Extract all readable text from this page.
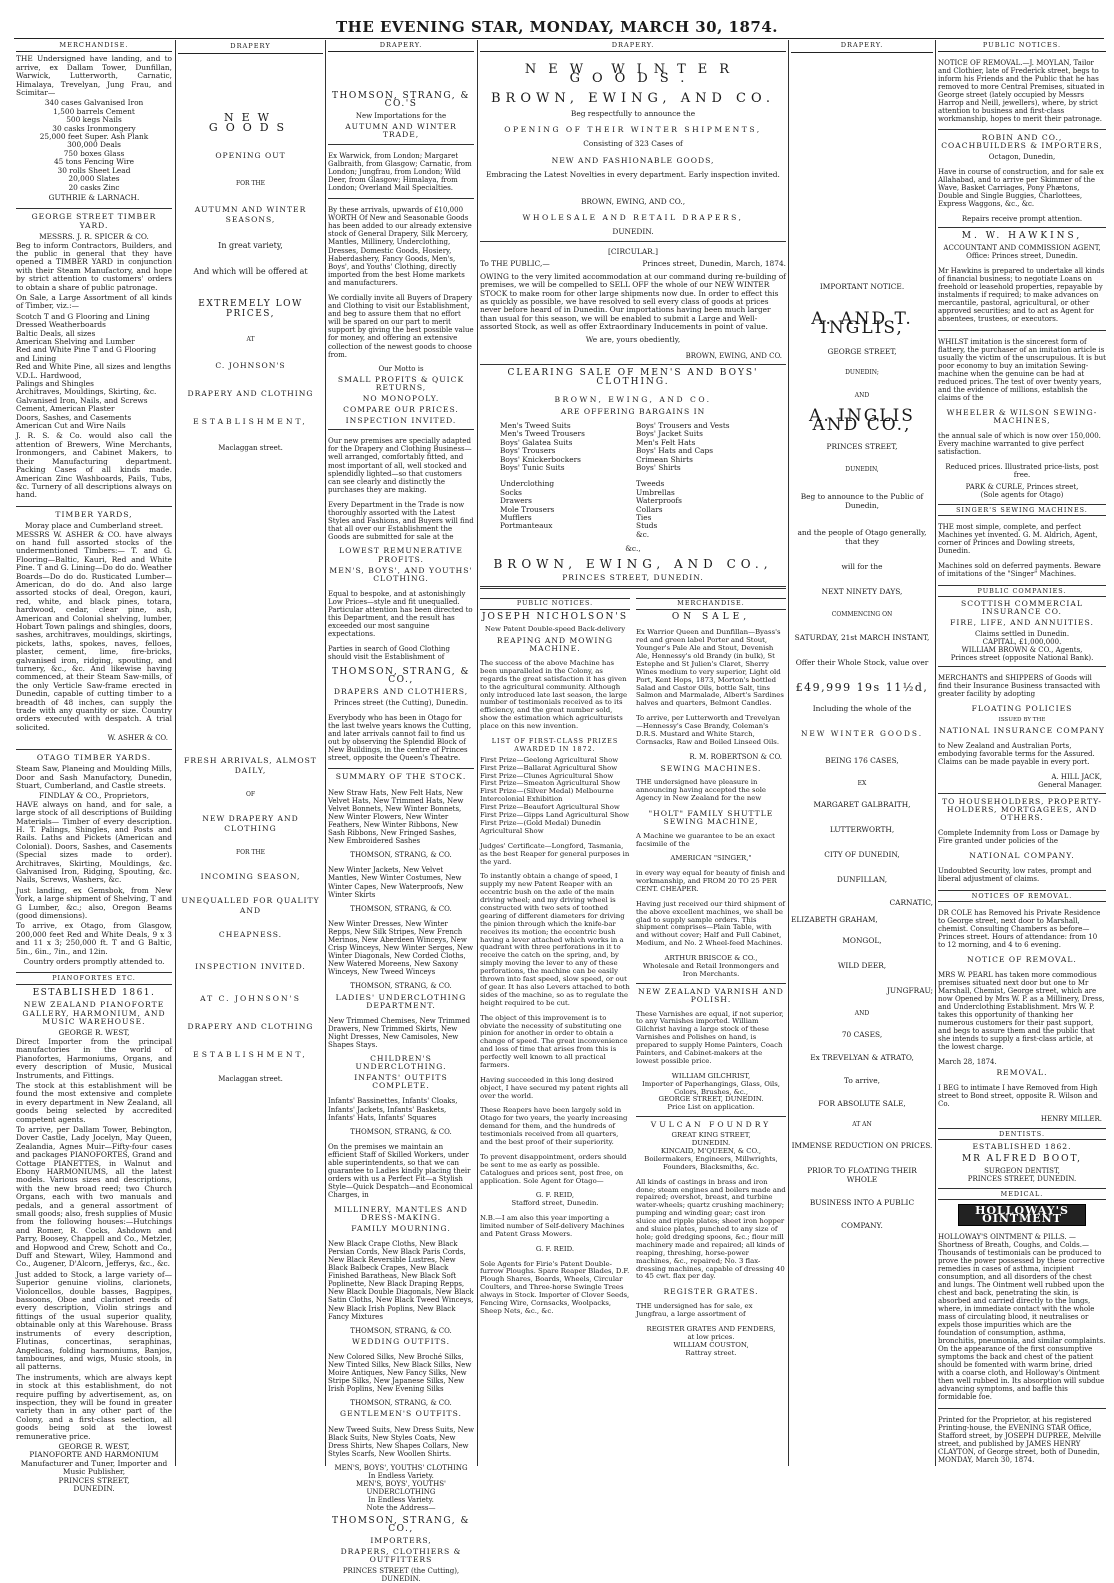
THE EVENING STAR, MONDAY, MARCH 30, 1874.
MERCHANDISE.

THE Undersigned have landing, and to arrive, ex Dallam Tower, Dunfillan, Warwick, Lutterworth, Carnatic, Himalaya, Trevelyan, Jung Frau, and Scimitar—

340 cases Galvanised Iron
1,500 barrels Cement
500 kegs Nails
30 casks Ironmongery
25,000 feet Super. Ash Plank
300,000 Deals
750 boxes Glass
45 tons Fencing Wire
30 rolls Sheet Lead
20,000 Slates
20 casks Zinc
GUTHRIE & LARNACH.
GEORGE STREET TIMBER YARD.
MESSRS. J. R. SPICER & CO.

Beg to inform Contractors, Builders, and the public in general that they have opened a TIMBER YARD in conjunction with their Steam Manufactory, and hope by strict attention to customers' orders to obtain a share of public patronage.

On Sale, a Large Assortment of all kinds of Timber, viz.:—

Scotch T and G Flooring and Lining
Dressed Weatherboards
Baltic Deals, all sizes
American Shelving and Lumber
Red and White Pine T and G Flooring and Lining
Red and White Pine, all sizes and lengths
V.D.L. Hardwood,
Palings and Shingles
Architraves, Mouldings, Skirting, &c.
Galvanised Iron, Nails, and Screws
Cement, American Plaster
Doors, Sashes, and Casements
American Cut and Wire Nails

J. R. S. & Co. would also call the attention of Brewers, Wine Merchants, Ironmongers, and Cabinet Makers, to their Manufacturing department. Packing Cases of all kinds made. American Zinc Washboards, Pails, Tubs, &c. Turnery of all descriptions always on hand.

TIMBER YARDS,
Moray place and Cumberland street.

MESSRS W. ASHER & CO. have always on hand full assorted stocks of the undermentioned Timbers:— T. and G. Flooring—Baltic, Kauri, Red and White Pine. T and G. Lining—Do do do. Weather Boards—Do do do. Rusticated Lumber—American, do do do. And also large assorted stocks of deal, Oregon, kauri, red, white, and black pines, totara, hardwood, cedar, clear pine, ash, American and Colonial shelving, lumber, Hobart Town palings and shingles, doors, sashes, architraves, mouldings, skirtings, pickets, laths, spokes, naves, felloes, plaster, cement, lime, fire-bricks, galvanised iron, ridging, spouting, and turnery, &c., &c. And likewise having commenced, at their Steam Saw-mills, of the only Verticle Saw-frame erected in Dunedin, capable of cutting timber to a breadth of 48 inches, can supply the trade with any quantity or size. Country orders executed with despatch. A trial solicited.

W. ASHER & CO.
OTAGO TIMBER YARDS.

Steam Saw, Planeing and Moulding Mills, Door and Sash Manufactory, Dunedin, Stuart, Cumberland, and Castle streets.

FINDLAY & CO., Proprietors,

HAVE always on hand, and for sale, a large stock of all descriptions of Building Materials— Timber of every description. H. T. Palings, Shingles, and Posts and Rails. Laths and Pickets (American and Colonial). Doors, Sashes, and Casements (Special sizes made to order). Architraves, Skirting, Mouldings, &c. Galvanised Iron, Ridging, Spouting, &c. Nails, Screws, Washers, &c.

Just landing, ex Gemsbok, from New York, a large shipment of Shelving, T and G Lumber, &c.; also, Oregon Beams (good dimensions).

To arrive, ex Otago, from Glasgow, 200,000 feet Red and White Deals, 9 x 3 and 11 x 3; 250,000 ft. T and G Baltic, 5in., 6in., 7in., and 12in.

Country orders promptly attended to.
PIANOFORTES ETC.
ESTABLISHED 1861.
NEW ZEALAND PIANOFORTE GALLERY, HARMONIUM, AND MUSIC WAREHOUSE.
GEORGE R. WEST,

Direct Importer from the principal manufactories in the world of Pianofortes, Harmoniums, Organs, and every description of Music, Musical Instruments, and Fittings.

The stock at this establishment will be found the most extensive and complete in every department in New Zealand, all goods being selected by accredited competent agents.

To arrive, per Dallam Tower, Bebington, Dover Castle, Lady Jocelyn, May Queen, Zealandia, Agnes Muir—Fifty-four cases and packages PIANOFORTES, Grand and Cottage PIANETTES, in Walnut and Ebony HARMONIUMS, all the latest models. Various sizes and descriptions, with the new broad reed; two Church Organs, each with two manuals and pedals, and a general assortment of small goods; also, fresh supplies of Music from the following houses:—Hutchings and Romer, R. Cocks, Ashdown and Parry, Boosey, Chappell and Co., Metzler, and Hopwood and Crew, Schott and Co., Duff and Stewart, Wiley, Hammond and Co., Augener, D'Alcorn, Jefferys, &c., &c.

Just added to Stock, a large variety of—Superior genuine violins, clarionets, Violoncellos, double basses, Bagpipes, bassoons, Oboe and clarionet reeds of every description, Violin strings and fittings of the usual superior quality, obtainable only at this Warehouse. Brass instruments of every description, Flutinas, concertinas, seraphinas, Angelicas, folding harmoniums, Banjos, tambourines, and wigs, Music stools, in all patterns.

The instruments, which are always kept in stock at this establishment, do not require puffing by advertisement, as, on inspection, they will be found in greater variety than in any other part of the Colony, and a first-class selection, all goods being sold at the lowest remunerative price.

GEORGE R. WEST,
PIANOFORTE AND HARMONIUM
Manufacturer and Tuner, Importer and Music Publisher,
PRINCES STREET,
DUNEDIN.
DRAPERY
NEW GOODS
OPENING OUT
FOR THE
AUTUMN AND WINTER SEASONS,
In great variety,
And which will be offered at
EXTREMELY LOW PRICES,
AT
C. JOHNSON'S
DRAPERY AND CLOTHING
ESTABLISHMENT,
Maclaggan street.
FRESH ARRIVALS, ALMOST DAILY,
OF
NEW DRAPERY AND CLOTHING
FOR THE
INCOMING SEASON,
UNEQUALLED FOR QUALITY AND
CHEAPNESS.
INSPECTION INVITED.
AT C. JOHNSON'S
DRAPERY AND CLOTHING
ESTABLISHMENT,
Maclaggan street.
DRAPERY.
THOMSON, STRANG, & CO.'S
New Importations for the
AUTUMN AND WINTER TRADE,

Ex Warwick, from London; Margaret Galbraith, from Glasgow; Carnatic, from London; Jungfrau, from London; Wild Deer, from Glasgow; Himalaya, from London; Overland Mail Specialties.

By these arrivals, upwards of £10,000 WORTH Of New and Seasonable Goods has been added to our already extensive stock of General Drapery, Silk Mercery, Mantles, Millinery, Underclothing, Dresses, Domestic Goods, Hosiery, Haberdashery, Fancy Goods, Men's, Boys', and Youths' Clothing, directly imported from the best Home markets and manufacturers.

We cordially invite all Buyers of Drapery and Clothing to visit our Establishment, and beg to assure them that no effort will be spared on our part to merit support by giving the best possible value for money, and offering an extensive collection of the newest goods to choose from.

Our Motto is
SMALL PROFITS & QUICK RETURNS,
NO MONOPOLY.
COMPARE OUR PRICES.
INSPECTION INVITED.

Our new premises are specially adapted for the Drapery and Clothing Business—well arranged, comfortably fitted, and most important of all, well stocked and splendidly lighted—so that customers can see clearly and distinctly the purchases they are making.

Every Department in the Trade is now thoroughly assorted with the Latest Styles and Fashions, and Buyers will find that all over our Establishment the Goods are submitted for sale at the

LOWEST REMUNERATIVE PROFITS.
MEN'S, BOYS', AND YOUTHS' CLOTHING.

Equal to bespoke, and at astonishingly Low Prices—style and fit unequalled. Particular attention has been directed to this Department, and the result has exceeded our most sanguine expectations.

Parties in search of Good Clothing should visit the Establishment of

THOMSON, STRANG, & CO.,
DRAPERS AND CLOTHIERS,
Princes street (the Cutting), Dunedin.

Everybody who has been in Otago for the last twelve years knows the Cutting, and later arrivals cannot fail to find us out by observing the Splendid Block of New Buildings, in the centre of Princes street, opposite the Queen's Theatre.

SUMMARY OF THE STOCK.

New Straw Hats, New Felt Hats, New Velvet Hats, New Trimmed Hats, New Velvet Bonnets, New Winter Bonnets, New Winter Flowers, New Winter Feathers, New Winter Ribbons, New Sash Ribbons, New Fringed Sashes, New Embroidered Sashes

THOMSON, STRANG, & CO.

New Winter Jackets, New Velvet Mantles, New Winter Costumes, New Winter Capes, New Waterproofs, New Winter Skirts

THOMSON, STRANG, & CO.

New Winter Dresses, New Winter Repps, New Silk Stripes, New French Merinos, New Aberdeen Winceys, New Crisp Winceys, New Winter Serges, New Winter Diagonals, New Corded Cloths, New Watered Moreens, New Saxony Winceys, New Tweed Winceys

THOMSON, STRANG, & CO.
LADIES' UNDERCLOTHING DEPARTMENT.

New Trimmed Chemises, New Trimmed Drawers, New Trimmed Skirts, New Night Dresses, New Camisoles, New Shapes Stays.

CHILDREN'S UNDERCLOTHING.
INFANTS' OUTFITS COMPLETE.

Infants' Bassinettes, Infants' Cloaks, Infants' Jackets, Infants' Baskets, Infants' Hats, Infants' Squares

THOMSON, STRANG, & CO.

On the premises we maintain an efficient Staff of Skilled Workers, under able superintendents, so that we can guarantee to Ladies kindly placing their orders with us a Perfect Fit—a Stylish Style—Quick Despatch—and Economical Charges, in

MILLINERY, MANTLES AND DRESS-MAKING.
FAMILY MOURNING.

New Black Crape Cloths, New Black Persian Cords, New Black Paris Cords, New Black Reversible Lustres, New Black Balbeck Crapes, New Black Finished Baratheas, New Black Soft Poplinette, New Black Draping Repps, New Black Double Diagonals, New Black Satin Cloths, New Black Tweed Winceys, New Black Irish Poplins, New Black Fancy Mixtures

THOMSON, STRANG, & CO.
WEDDING OUTFITS.

New Colored Silks, New Broché Silks, New Tinted Silks, New Black Silks, New Moire Antiques, New Fancy Silks, New Stripe Silks, New Japanese Silks, New Irish Poplins, New Evening Silks

THOMSON, STRANG, & CO.
GENTLEMEN'S OUTFITS.

New Tweed Suits, New Dress Suits, New Black Suits, New Styles Coats, New Dress Shirts, New Shapes Collars, New Styles Scarfs, New Woollen Shirts.

MEN'S, BOYS', YOUTHS' CLOTHING
In Endless Variety.
MEN'S, BOYS', YOUTHS' UNDERCLOTHING
In Endless Variety.
Note the Address—
THOMSON, STRANG, & CO.,
IMPORTERS,
DRAPERS, CLOTHIERS & OUTFITTERS
PRINCES STREET (the Cutting),
DUNEDIN.
DRAPERY.
NEW WINTER GOODS.
BROWN, EWING, AND CO.
Beg respectfully to announce the
OPENING OF THEIR WINTER SHIPMENTS,
Consisting of 323 Cases of
NEW AND FASHIONABLE GOODS,
Embracing the Latest Novelties in every department. Early inspection invited.
BROWN, EWING, AND CO.,
WHOLESALE AND RETAIL DRAPERS,
DUNEDIN.
[CIRCULAR.]
To THE PUBLIC,—	Princes street, Dunedin, March, 1874.

OWING to the very limited accommodation at our command during re-building of premises, we will be compelled to SELL OFF the whole of our NEW WINTER STOCK to make room for other large shipments now due. In order to effect this as quickly as possible, we have resolved to sell every class of goods at prices never before heard of in Dunedin. Our importations having been much larger than usual for this season, we will be enabled to submit a Large and Well-assorted Stock, as well as offer Extraordinary Inducements in point of value.

We are, yours obediently,
BROWN, EWING, AND CO.
CLEARING SALE OF MEN'S AND BOYS' CLOTHING.
BROWN, EWING, AND CO.
ARE OFFERING BARGAINS IN
Men's Tweed Suits
Men's Tweed Trousers
Boys' Galatea Suits
Boys' Trousers
Boys' Knickerbockers
Boys' Tunic Suits
Underclothing
Socks
Drawers
Mole Trousers
Mufflers
Portmanteaux
Boys' Trousers and Vests
Boys' Jacket Suits
Men's Felt Hats
Boys' Hats and Caps
Crimean Shirts
Boys' Shirts
Tweeds
Umbrellas
Waterproofs
Collars
Ties
Studs
&c.
&c.,
BROWN, EWING, AND CO.,
PRINCES STREET, DUNEDIN.
PUBLIC NOTICES.
JOSEPH NICHOLSON'S
New Patent Double-speed Back-delivery
REAPING AND MOWING MACHINE.

The success of the above Machine has been unparalleled in the Colony, as regards the great satisfaction it has given to the agricultural community. Although only introduced late last season, the large number of testimonials received as to its efficiency, and the great number sold, show the estimation which agriculturists place on this new invention.

LIST OF FIRST-CLASS PRIZES AWARDED IN 1872.
First Prize—Geelong Agricultural Show
First Prize—Ballarat Agricultural Show
First Prize—Clunes Agricultural Show
First Prize—Smeaton Agricultural Show
First Prize—(Silver Medal) Melbourne Intercolonial Exhibition
First Prize—Beaufort Agricultural Show
First Prize—Gipps Land Agricultural Show
First Prize—(Gold Medal) Dunedin Agricultural Show

Judges' Certificate—Longford, Tasmania, as the best Reaper for general purposes in the yard.

To instantly obtain a change of speed, I supply my new Patent Reaper with an eccentric bush on the axle of the main driving wheel; and my driving wheel is constructed with two sets of toothed gearing of different diameters for driving the pinion through which the knife-bar receives its motion; the eccentric bush having a lever attached which works in a quadrant with three perforations in it to receive the catch on the spring, and, by simply moving the lever to any of these perforations, the machine can be easily thrown into fast speed, slow speed, or out of gear. It has also Levers attached to both sides of the machine, so as to regulate the height required to be cut.

The object of this improvement is to obviate the necessity of substituting one pinion for another in order to obtain a change of speed. The great inconvenience and loss of time that arises from this is perfectly well known to all practical farmers.

Having succeeded in this long desired object, I have secured my patent rights all over the world.

These Reapers have been largely sold in Otago for two years, the yearly increasing demand for them, and the hundreds of testimonials received from all quarters, and the best proof of their superiority.

To prevent disappointment, orders should be sent to me as early as possible. Catalogues and prices sent, post free, on application. Sole Agent for Otago—

G. F. REID,
Stafford street, Dunedin.

N.B.—I am also this year importing a limited number of Self-delivery Machines and Patent Grass Mowers.

G. F. REID.

Sole Agents for Firie's Patent Double-furrow Ploughs. Spare Reaper Blades, D.F. Plough Shares, Boards, Wheels, Circular Coulters, and Three-horse Swingle Trees always in Stock. Importer of Clover Seeds, Fencing Wire, Cornsacks, Woolpacks, Sheep Nets, &c., &c.

MERCHANDISE.
ON SALE,

Ex Warrior Queen and Dunfillan—Byass's red and green label Porter and Stout, Younger's Pale Ale and Stout, Devenish Ale, Hennessy's old Brandy (in bulk), St Estephe and St Julien's Claret, Sherry Wines medium to very superior, Light old Port, Kent Hops, 1873, Morton's bottled Salad and Castor Oils, bottle Salt, tins Salmon and Marmalade, Albert's Sardines halves and quarters, Belmont Candles.

To arrive, per Lutterworth and Trevelyan—Hennessy's Case Brandy, Coleman's D.R.S. Mustard and White Starch, Cornsacks, Raw and Boiled Linseed Oils.

R. M. ROBERTSON & CO.
SEWING MACHINES.

THE undersigned have pleasure in announcing having accepted the sole Agency in New Zealand for the new

"HOLT" FAMILY SHUTTLE SEWING MACHINE,

A Machine we guarantee to be an exact facsimile of the

AMERICAN "SINGER,"

in every way equal for beauty of finish and workmanship, and FROM 20 TO 25 PER CENT. CHEAPER.

Having just received our third shipment of the above excellent machines, we shall be glad to supply sample orders. This shipment comprises—Plain Table, with and without cover; Half and Full Cabinet, Medium, and No. 2 Wheel-feed Machines.

ARTHUR BRISCOE & CO.,
Wholesale and Retail Ironmongers and Iron Merchants.
NEW ZEALAND VARNISH AND POLISH.

These Varnishes are equal, if not superior, to any Varnishes imported. William Gilchrist having a large stock of these Varnishes and Polishes on hand, is prepared to supply Home Painters, Coach Painters, and Cabinet-makers at the lowest possible price.

WILLIAM GILCHRIST,
Importer of Paperhangings, Glass, Oils, Colors, Brushes, &c.,
GEORGE STREET, DUNEDIN.
Price List on application.
VULCAN FOUNDRY
GREAT KING STREET,
DUNEDIN.
KINCAID, M'QUEEN, & CO.,
Boilermakers, Engineers, Millwrights, Founders, Blacksmiths, &c.

All kinds of castings in brass and iron done; steam engines and boilers made and repaired; overshot, breast, and turbine water-wheels; quartz crushing machinery; pumping and winding gear; cast iron sluice and ripple plates; sheet iron hopper and sluice plates, punched to any size of hole; gold dredging spoons, &c.; flour mill machinery made and repaired; all kinds of reaping, threshing, horse-power machines, &c., repaired; No. 3 flax-dressing machines, capable of dressing 40 to 45 cwt. flax per day.

REGISTER GRATES.

THE undersigned has for sale, ex Jungfrau, a large assortment of

REGISTER GRATES AND FENDERS,
at low prices.
WILLIAM COUSTON,
Rattray street.
DRAPERY.
IMPORTANT NOTICE.
A. AND T. INGLIS,
GEORGE STREET,
DUNEDIN;
AND
A. INGLIS AND CO.,
PRINCES STREET,
DUNEDIN,
Beg to announce to the Public of Dunedin,
and the people of Otago generally, that they
will for the
NEXT NINETY DAYS,
COMMENCING ON
SATURDAY, 21st MARCH INSTANT,
Offer their Whole Stock, value over
£49,999 19s 11½d,
Including the whole of the
NEW WINTER GOODS.
BEING 176 CASES,
EX
MARGARET GALBRAITH,
LUTTERWORTH,
CITY OF DUNEDIN,
DUNFILLAN,
CARNATIC,
ELIZABETH GRAHAM,
MONGOL,
WILD DEER,
JUNGFRAU;
AND
70 CASES,
Ex TREVELYAN & ATRATO,
To arrive,
FOR ABSOLUTE SALE,
AT AN
IMMENSE REDUCTION ON PRICES.
PRIOR TO FLOATING THEIR WHOLE
BUSINESS INTO A PUBLIC
COMPANY.
PUBLIC NOTICES.

NOTICE OF REMOVAL.—J. MOYLAN, Tailor and Clothier, late of Frederick street, begs to inform his Friends and the Public that he has removed to more Central Premises, situated in George street (lately occupied by Messrs Harrop and Neill, jewellers), where, by strict attention to business and first-class workmanship, hopes to merit their patronage.

ROBIN AND CO., COACHBUILDERS & IMPORTERS,
Octagon, Dunedin,

Have in course of construction, and for sale ex Allahabad, and to arrive per Skimmer of the Wave, Basket Carriages, Pony Phætons, Double and Single Buggies, Charlottees, Express Waggons, &c., &c.

Repairs receive prompt attention.
M. W. HAWKINS,
ACCOUNTANT AND COMMISSION AGENT,
Office: Princes street, Dunedin.

Mr Hawkins is prepared to undertake all kinds of financial business; to negotiate Loans on freehold or leasehold properties, repayable by instalments if required; to make advances on mercantile, pastoral, agricultural, or other approved securities; and to act as Agent for absentees, trustees, or executors.

WHILST imitation is the sincerest form of flattery, the purchaser of an imitation article is usually the victim of the unscrupulous. It is but poor economy to buy an imitation Sewing-machine when the genuine can be had at reduced prices. The test of over twenty years, and the evidence of millions, establish the claims of the

WHEELER & WILSON SEWING-MACHINES,

the annual sale of which is now over 150,000. Every machine warranted to give perfect satisfaction.

Reduced prices. Illustrated price-lists, post free.
PARK & CURLE, Princes street,
(Sole agents for Otago)
SINGER'S SEWING MACHINES.

THE most simple, complete, and perfect Machines yet invented. G. M. Aldrich, Agent, corner of Princes and Dowling streets, Dunedin.

Machines sold on deferred payments. Beware of imitations of the "Singer" Machines.

PUBLIC COMPANIES.
SCOTTISH COMMERCIAL INSURANCE CO.
FIRE, LIFE, AND ANNUITIES.
Claims settled in Dunedin.
CAPITAL, £1,000,000.
WILLIAM BROWN & CO., Agents,
Princes street (opposite National Bank).

MERCHANTS and SHIPPERS of Goods will find their Insurance Business transacted with greater facility by adopting

FLOATING POLICIES
ISSUED BY THE
NATIONAL INSURANCE COMPANY

to New Zealand and Australian Ports, embodying favorable terms for the Assured. Claims can be made payable in every port.

A. HILL JACK,
General Manager.
TO HOUSEHOLDERS, PROPERTY-HOLDERS, MORTGAGEES, AND OTHERS.

Complete Indemnity from Loss or Damage by Fire granted under policies of the

NATIONAL COMPANY.

Undoubted Security, low rates, prompt and liberal adjustment of claims.

NOTICES OF REMOVAL.

DR COLE has Removed his Private Residence to George street, next door to Marshall, chemist. Consulting Chambers as before—Princes street. Hours of attendance: from 10 to 12 morning, and 4 to 6 evening.

NOTICE OF REMOVAL.

MRS W. PEARL has taken more commodious premises situated next door but one to Mr Marshall, Chemist, George street, which are now Opened by Mrs W. P. as a Millinery, Dress, and Underclothing Establishment. Mrs W. P. takes this opportunity of thanking her numerous customers for their past support, and begs to assure them and the public that she intends to supply a first-class article, at the lowest charge.

March 28, 1874.
REMOVAL.

I BEG to intimate I have Removed from High street to Bond street, opposite R. Wilson and Co.

HENRY MILLER.
DENTISTS.
ESTABLISHED 1862.
MR ALFRED BOOT,
SURGEON DENTIST,
PRINCES STREET, DUNEDIN.
MEDICAL.
HOLLOWAY'S OINTMENT

HOLLOWAY'S OINTMENT & PILLS. —Shortness of Breath, Coughs, and Colds.—Thousands of testimonials can be produced to prove the power possessed by these corrective remedies in cases of asthma, incipient consumption, and all disorders of the chest and lungs. The Ointment well rubbed upon the chest and back, penetrating the skin, is absorbed and carried directly to the lungs, where, in immediate contact with the whole mass of circulating blood, it neutralises or expels those impurities which are the foundation of consumption, asthma, bronchitis, pneumonia, and similar complaints. On the appearance of the first consumptive symptoms the back and chest of the patient should be fomented with warm brine, dried with a coarse cloth, and Holloway's Ointment then well rubbed in. Its absorption will subdue advancing symptoms, and baffle this formidable foe.

Printed for the Proprietor, at his registered Printing-house, the EVENING STAR Office, Stafford street, by JOSEPH DUPREE, Melville street, and published by JAMES HENRY CLAYTON, of George street, both of Dunedin, MONDAY, March 30, 1874.
